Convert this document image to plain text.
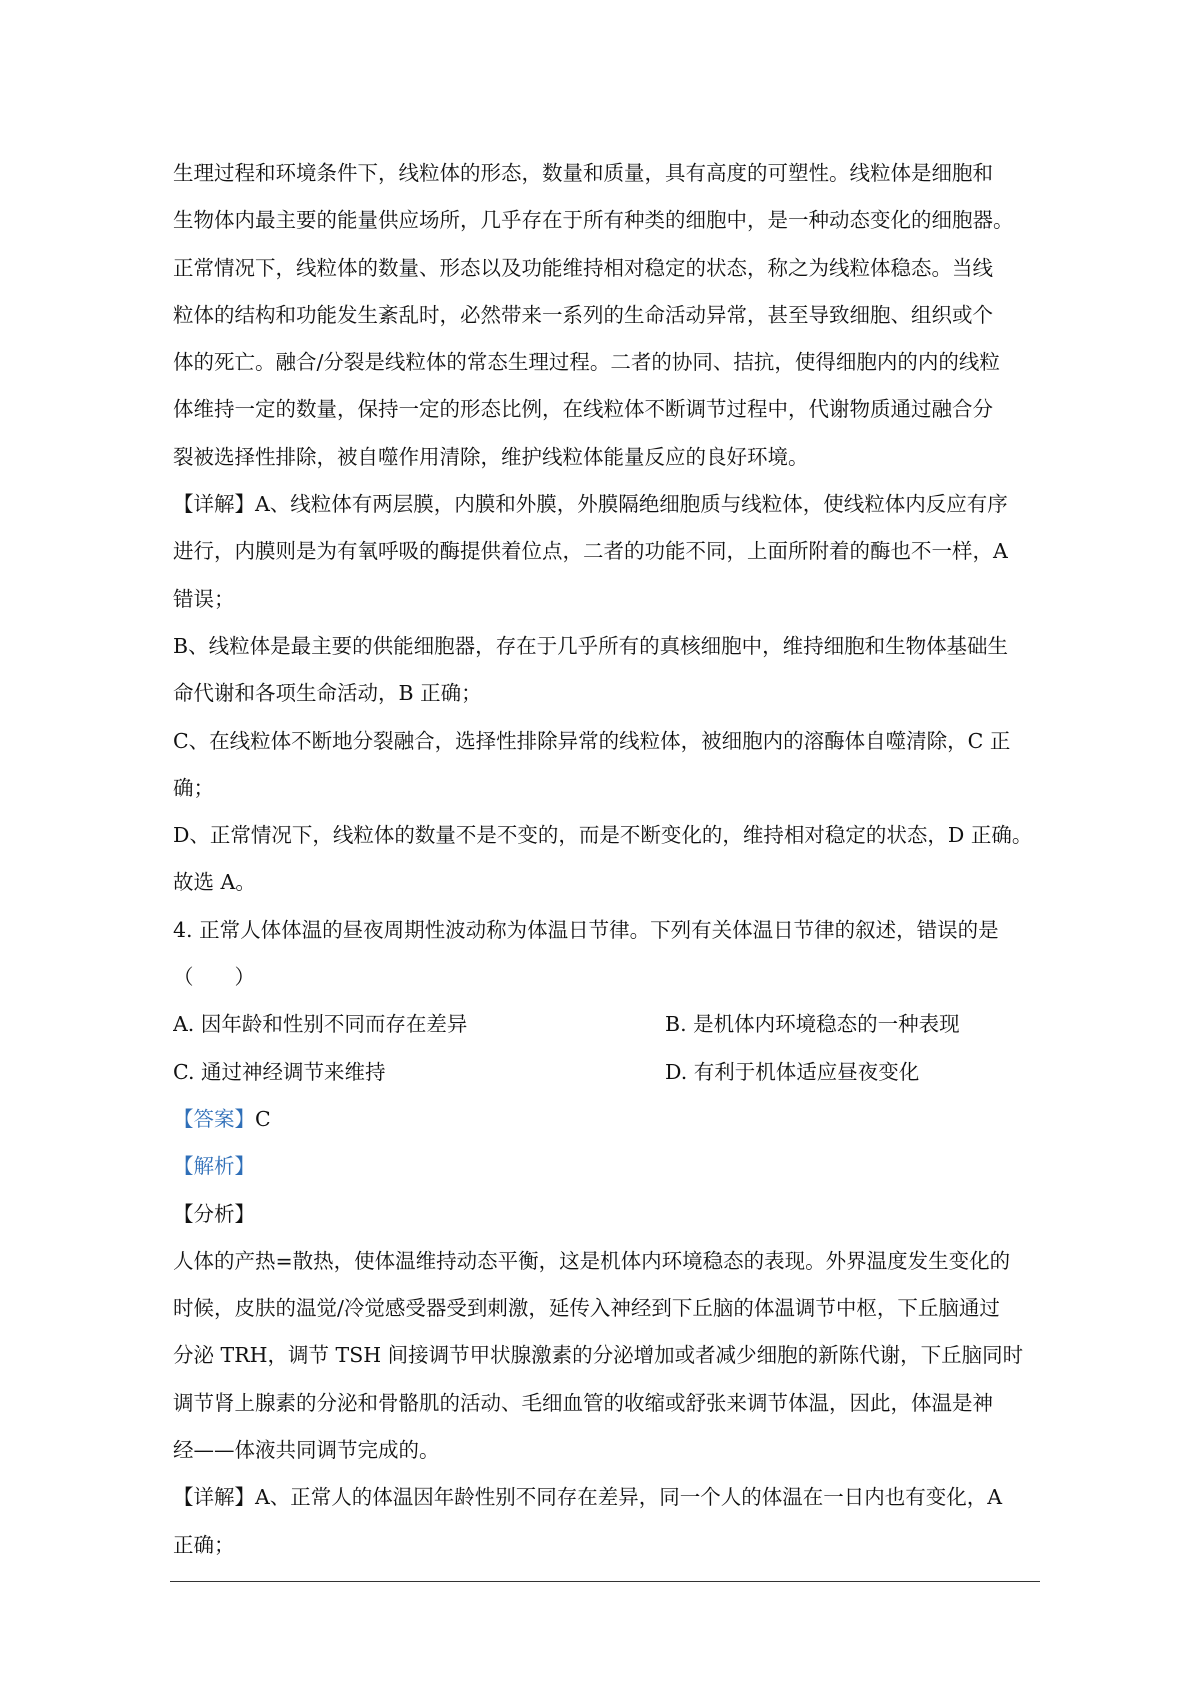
生理过程和环境条件下，线粒体的形态，数量和质量，具有高度的可塑性。线粒体是细胞和
生物体内最主要的能量供应场所，几乎存在于所有种类的细胞中，是一种动态变化的细胞器。
正常情况下，线粒体的数量、形态以及功能维持相对稳定的状态，称之为线粒体稳态。当线
粒体的结构和功能发生紊乱时，必然带来一系列的生命活动异常，甚至导致细胞、组织或个
体的死亡。融合/分裂是线粒体的常态生理过程。二者的协同、拮抗，使得细胞内的内的线粒
体维持一定的数量，保持一定的形态比例，在线粒体不断调节过程中，代谢物质通过融合分
裂被选择性排除，被自噬作用清除，维护线粒体能量反应的良好环境。
【详解】A、线粒体有两层膜，内膜和外膜，外膜隔绝细胞质与线粒体，使线粒体内反应有序
进行，内膜则是为有氧呼吸的酶提供着位点，二者的功能不同，上面所附着的酶也不一样，A
错误；
B、线粒体是最主要的供能细胞器，存在于几乎所有的真核细胞中，维持细胞和生物体基础生
命代谢和各项生命活动，B 正确；
C、在线粒体不断地分裂融合，选择性排除异常的线粒体，被细胞内的溶酶体自噬清除，C 正
确；
D、正常情况下，线粒体的数量不是不变的，而是不断变化的，维持相对稳定的状态，D 正确。
故选 A。
4. 正常人体体温的昼夜周期性波动称为体温日节律。下列有关体温日节律的叙述，错误的是
（　　）
A. 因年龄和性别不同而存在差异	B. 是机体内环境稳态的一种表现
C. 通过神经调节来维持	D. 有利于机体适应昼夜变化
【答案】C
【解析】
【分析】
人体的产热=散热，使体温维持动态平衡，这是机体内环境稳态的表现。外界温度发生变化的
时候，皮肤的温觉/冷觉感受器受到刺激，延传入神经到下丘脑的体温调节中枢，下丘脑通过
分泌 TRH，调节 TSH 间接调节甲状腺激素的分泌增加或者减少细胞的新陈代谢，下丘脑同时
调节肾上腺素的分泌和骨骼肌的活动、毛细血管的收缩或舒张来调节体温，因此，体温是神
经——体液共同调节完成的。
【详解】A、正常人的体温因年龄性别不同存在差异，同一个人的体温在一日内也有变化，A
正确；
